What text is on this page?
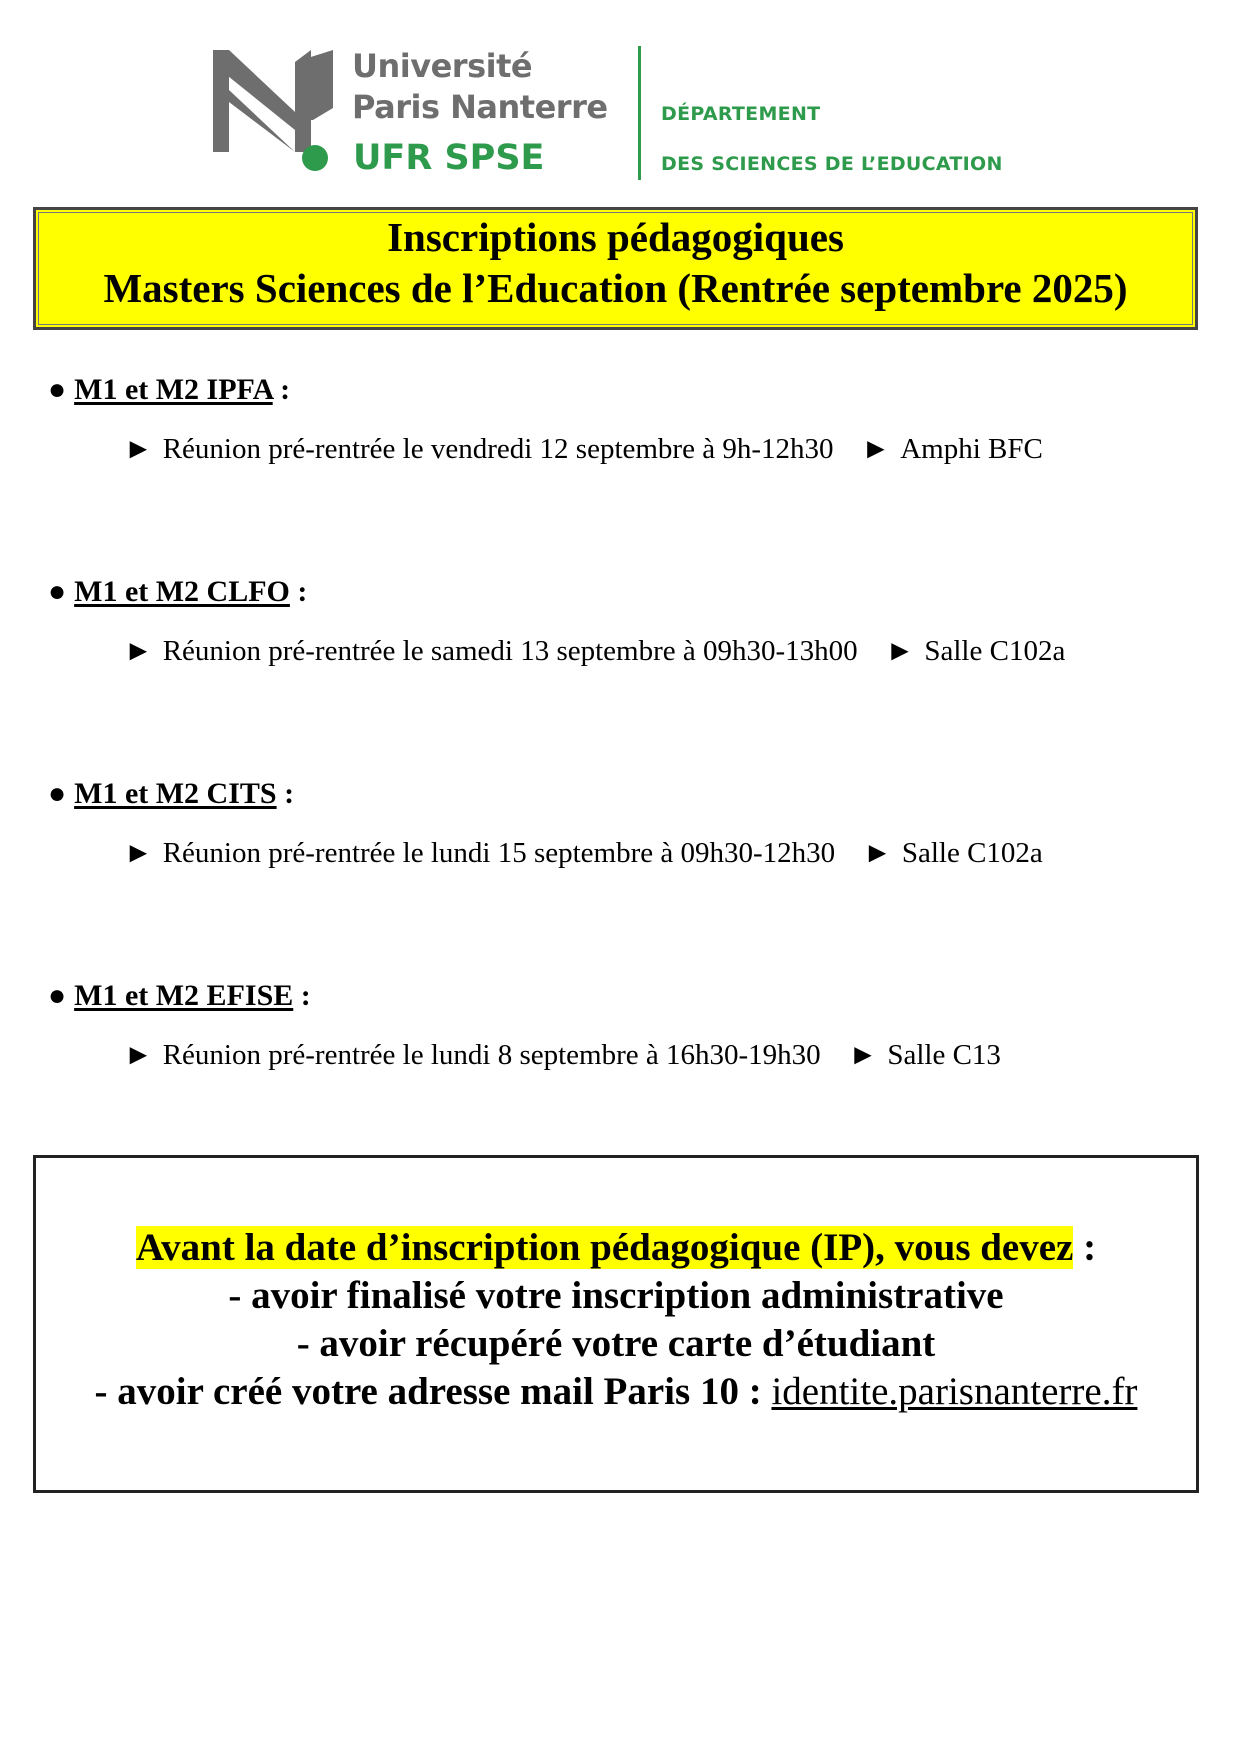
Université
Paris Nanterre
UFR SPSE
DÉPARTEMENT
DES SCIENCES DE L’EDUCATION
Inscriptions pédagogiques
Masters Sciences de l’Education (Rentrée septembre 2025)
● M1 et M2 IPFA :
► Réunion pré-rentrée le vendredi 12 septembre à 9h-12h30 ► Amphi BFC
● M1 et M2 CLFO :
► Réunion pré-rentrée le samedi 13 septembre à 09h30-13h00 ► Salle C102a
● M1 et M2 CITS :
► Réunion pré-rentrée le lundi 15 septembre à 09h30-12h30 ► Salle C102a
● M1 et M2 EFISE :
► Réunion pré-rentrée le lundi 8 septembre à 16h30-19h30 ► Salle C13
Avant la date d’inscription pédagogique (IP), vous devez :
- avoir finalisé votre inscription administrative
- avoir récupéré votre carte d’étudiant
- avoir créé votre adresse mail Paris 10 : identite.parisnanterre.fr
